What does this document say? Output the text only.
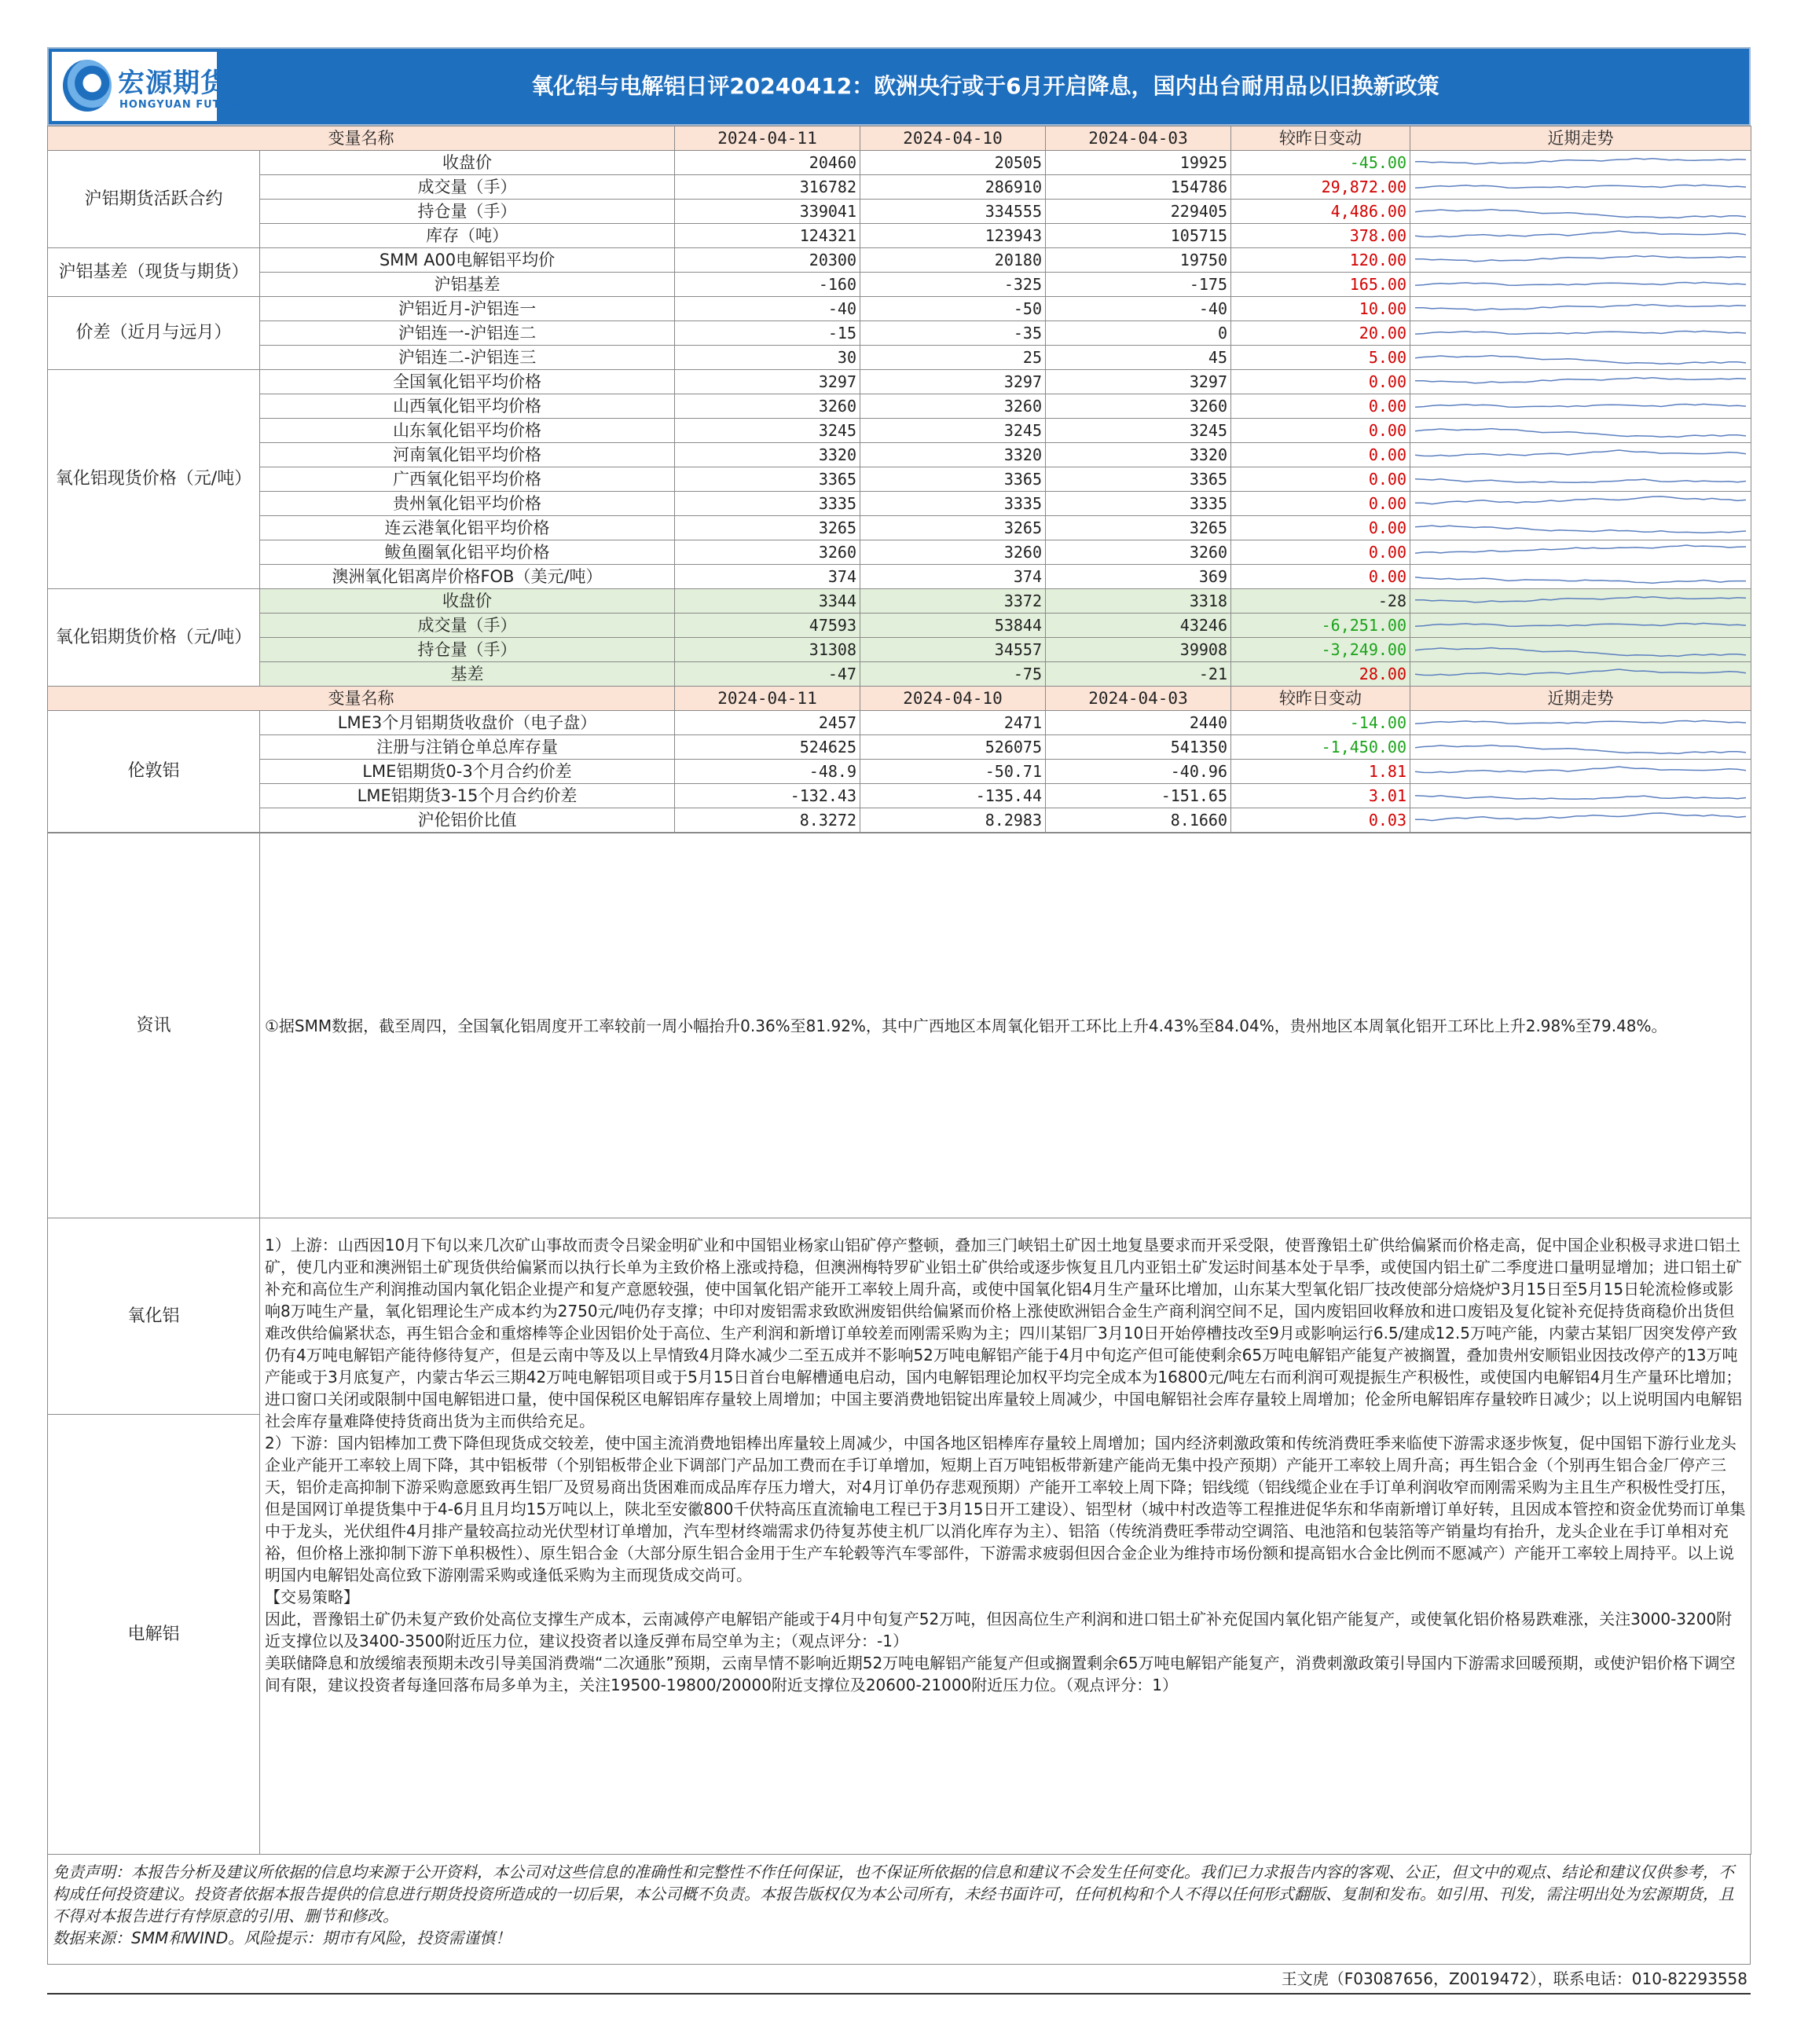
宏源期货
HONGYUAN FUTURES
氧化铝与电解铝日评20240412：欧洲央行或于6月开启降息，国内出台耐用品以旧换新政策
变量名称		2024-04-11	2024-04-10	2024-04-03	较昨日变动	近期走势
沪铝期货活跃合约	收盘价	20460	20505	19925	-45.00	

	成交量（手）	316782	286910	154786	29,872.00	

	持仓量（手）	339041	334555	229405	4,486.00	

	库存（吨）	124321	123943	105715	378.00	

沪铝基差（现货与期货）	SMM A00电解铝平均价	20300	20180	19750	120.00	

	沪铝基差	-160	-325	-175	165.00	

价差（近月与远月）	沪铝近月-沪铝连一	-40	-50	-40	10.00	

	沪铝连一-沪铝连二	-15	-35	0	20.00	

	沪铝连二-沪铝连三	30	25	45	5.00	

氧化铝现货价格（元/吨）	全国氧化铝平均价格	3297	3297	3297	0.00	

	山西氧化铝平均价格	3260	3260	3260	0.00	

	山东氧化铝平均价格	3245	3245	3245	0.00	

	河南氧化铝平均价格	3320	3320	3320	0.00	

	广西氧化铝平均价格	3365	3365	3365	0.00	

	贵州氧化铝平均价格	3335	3335	3335	0.00	

	连云港氧化铝平均价格	3265	3265	3265	0.00	

	鲅鱼圈氧化铝平均价格	3260	3260	3260	0.00	

	澳洲氧化铝离岸价格FOB（美元/吨）	374	374	369	0.00	

氧化铝期货价格（元/吨）	收盘价	3344	3372	3318	-28	

	成交量（手）	47593	53844	43246	-6,251.00	

	持仓量（手）	31308	34557	39908	-3,249.00	

	基差	-47	-75	-21	28.00	

变量名称		2024-04-11	2024-04-10	2024-04-03	较昨日变动	近期走势
伦敦铝	LME3个月铝期货收盘价（电子盘）	2457	2471	2440	-14.00	

	注册与注销仓单总库存量	524625	526075	541350	-1,450.00	

	LME铝期货0-3个月合约价差	-48.9	-50.71	-40.96	1.81	

	LME铝期货3-15个月合约价差	-132.43	-135.44	-151.65	3.01	

	沪伦铝价比值	8.3272	8.2983	8.1660	0.03	
资讯	①据SMM数据，截至周四，全国氧化铝周度开工率较前一周小幅抬升0.36%至81.92%，其中广西地区本周氧化铝开工环比上升4.43%至84.04%，贵州地区本周氧化铝开工环比上升2.98%至79.48%。

氧化铝	1）上游：山西因10月下旬以来几次矿山事故而责令吕梁金明矿业和中国铝业杨家山铝矿停产整顿，叠加三门峡铝土矿因土地复垦要求而开采受限，使晋豫铝土矿供给偏紧而价格走高，促中国企业积极寻求进口铝土矿，使几内亚和澳洲铝土矿现货供给偏紧而以执行长单为主致价格上涨或持稳，但澳洲梅特罗矿业铝土矿供给或逐步恢复且几内亚铝土矿发运时间基本处于旱季，或使国内铝土矿二季度进口量明显增加；进口铝土矿补充和高位生产利润推动国内氧化铝企业提产和复产意愿较强，使中国氧化铝产能开工率较上周升高，或使中国氧化铝4月生产量环比增加，山东某大型氧化铝厂技改使部分焙烧炉3月15日至5月15日轮流检修或影响8万吨生产量，氧化铝理论生产成本约为2750元/吨仍存支撑；中印对废铝需求致欧洲废铝供给偏紧而价格上涨使欧洲铝合金生产商利润空间不足，国内废铝回收释放和进口废铝及复化锭补充促持货商稳价出货但难改供给偏紧状态，再生铝合金和重熔棒等企业因铝价处于高位、生产利润和新增订单较差而刚需采购为主；四川某铝厂3月10日开始停槽技改至9月或影响运行6.5/建成12.5万吨产能，内蒙古某铝厂因突发停产致仍有4万吨电解铝产能待修待复产，但是云南中等及以上旱情致4月降水减少二至五成并不影响52万吨电解铝产能于4月中旬迄产但可能使剩余65万吨电解铝产能复产被搁置，叠加贵州安顺铝业因技改停产的13万吨产能或于3月底复产，内蒙古华云三期42万吨电解铝项目或于5月15日首台电解槽通电启动，国内电解铝理论加权平均完全成本为16800元/吨左右而利润可观提振生产积极性，或使国内电解铝4月生产量环比增加；进口窗口关闭或限制中国电解铝进口量，使中国保税区电解铝库存量较上周增加；中国主要消费地铝锭出库量较上周减少，中国电解铝社会库存量较上周增加；伦金所电解铝库存量较昨日减少；以上说明国内电解铝社会库存量难降使持货商出货为主而供给充足。

2）下游：国内铝棒加工费下降但现货成交较差，使中国主流消费地铝棒出库量较上周减少，中国各地区铝棒库存量较上周增加；国内经济刺激政策和传统消费旺季来临使下游需求逐步恢复，促中国铝下游行业龙头企业产能开工率较上周下降，其中铝板带（个别铝板带企业下调部门产品加工费而在手订单增加，短期上百万吨铝板带新建产能尚无集中投产预期）产能开工率较上周升高；再生铝合金（个别再生铝合金厂停产三天，铝价走高抑制下游采购意愿致再生铝厂及贸易商出货困难而成品库存压力增大，对4月订单仍存悲观预期）产能开工率较上周下降；铝线缆（铝线缆企业在手订单利润收窄而刚需采购为主且生产积极性受打压，但是国网订单提货集中于4-6月且月均15万吨以上，陕北至安徽800千伏特高压直流输电工程已于3月15日开工建设）、铝型材（城中村改造等工程推进促华东和华南新增订单好转，且因成本管控和资金优势而订单集中于龙头，光伏组件4月排产量较高拉动光伏型材订单增加，汽车型材终端需求仍待复苏使主机厂以消化库存为主）、铝箔（传统消费旺季带动空调箔、电池箔和包装箔等产销量均有抬升，龙头企业在手订单相对充裕，但价格上涨抑制下游下单积极性）、原生铝合金（大部分原生铝合金用于生产车轮毂等汽车零部件，下游需求疲弱但因合金企业为维持市场份额和提高铝水合金比例而不愿减产）产能开工率较上周持平。以上说明国内电解铝处高位致下游刚需采购或逢低采购为主而现货成交尚可。

【交易策略】

因此，晋豫铝土矿仍未复产致价处高位支撑生产成本，云南减停产电解铝产能或于4月中旬复产52万吨，但因高位生产利润和进口铝土矿补充促国内氧化铝产能复产，或使氧化铝价格易跌难涨，关注3000-3200附近支撑位以及3400-3500附近压力位，建议投资者以逢反弹布局空单为主；（观点评分：-1）

美联储降息和放缓缩表预期未改引导美国消费端“二次通胀”预期，云南旱情不影响近期52万吨电解铝产能复产但或搁置剩余65万吨电解铝产能复产，消费刺激政策引导国内下游需求回暖预期，或使沪铝价格下调空间有限，建议投资者每逢回落布局多单为主，关注19500-19800/20000附近支撑位及20600-21000附近压力位。（观点评分：1）

电解铝	
免责声明：本报告分析及建议所依据的信息均来源于公开资料，本公司对这些信息的准确性和完整性不作任何保证，也不保证所依据的信息和建议不会发生任何变化。我们已力求报告内容的客观、公正，但文中的观点、结论和建议仅供参考，不构成任何投资建议。投资者依据本报告提供的信息进行期货投资所造成的一切后果，本公司概不负责。本报告版权仅为本公司所有，未经书面许可，任何机构和个人不得以任何形式翻版、复制和发布。如引用、刊发，需注明出处为宏源期货，且不得对本报告进行有悖原意的引用、删节和修改。
数据来源：SMM和WIND。风险提示：期市有风险，投资需谨慎！
王文虎（F03087656，Z0019472），联系电话：010-82293558
